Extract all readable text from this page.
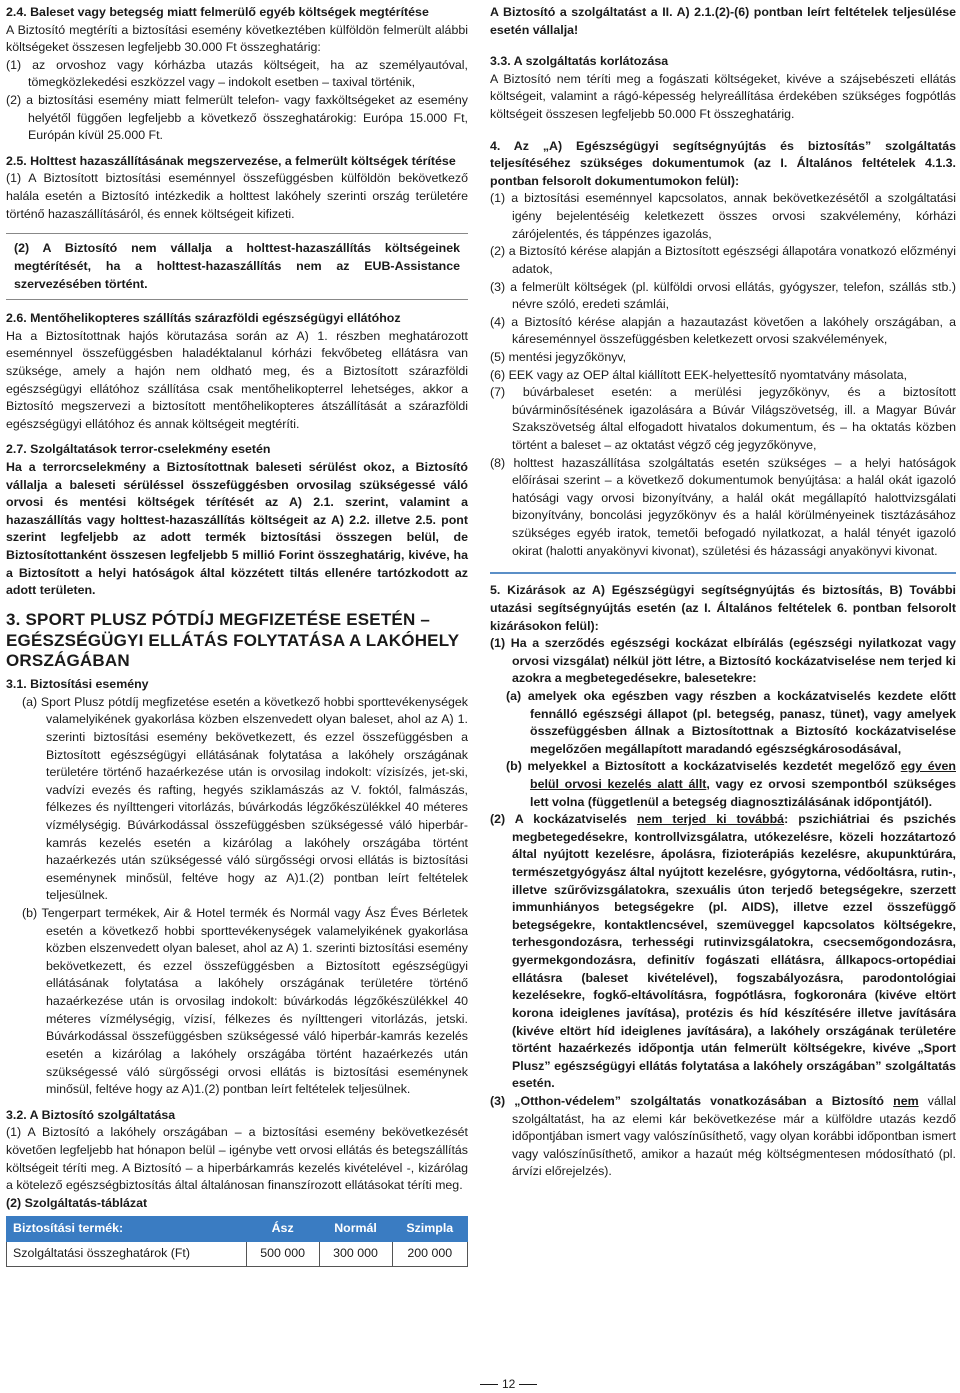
2.4. Baleset vagy betegség miatt felmerülő egyéb költségek megtérítése

A Biztosító megtéríti a biztosítási esemény következtében külföldön felmerült alábbi költségeket összesen legfeljebb 30.000 Ft összeghatárig:

(1) az orvoshoz vagy kórházba utazás költségeit, ha az személyautóval, tömegközlekedési eszközzel vagy – indokolt esetben – taxival történik,

(2) a biztosítási esemény miatt felmerült telefon- vagy faxköltségeket az esemény helyétől függően legfeljebb a következő összeghatárokig: Európa 15.000 Ft, Európán kívül 25.000 Ft.

2.5. Holttest hazaszállításának megszervezése, a felmerült költségek térítése

(1) A Biztosított biztosítási eseménnyel összefüggésben külföldön bekövetkező halála esetén a Biztosító intézkedik a holttest lakóhely szerinti ország területére történő hazaszállításáról, és ennek költségeit kifizeti.

(2) A Biztosító nem vállalja a holttest-hazaszállítás költségeinek megtérítését, ha a holttest-hazaszállítás nem az EUB-Assistance szervezésében történt.

2.6. Mentőhelikopteres szállítás szárazföldi egészségügyi ellátóhoz

Ha a Biztosítottnak hajós körutazása során az A) 1. részben meghatározott eseménnyel összefüggésben haladéktalanul kórházi fekvőbeteg ellátásra van szüksége, amely a hajón nem oldható meg, és a Biztosított szárazföldi egészségügyi ellátóhoz szállítása csak mentőhelikopterrel lehetséges, akkor a Biztosító megszervezi a biztosított mentőhelikopteres átszállítását a szárazföldi egészségügyi ellátóhoz és annak költségeit megtéríti.

2.7. Szolgáltatások terror-cselekmény esetén

Ha a terrorcselekmény a Biztosítottnak baleseti sérülést okoz, a Biztosító vállalja a baleseti sérüléssel összefüggésben orvosilag szükségessé váló orvosi és mentési költségek térítését az A) 2.1. szerint, valamint a hazaszállítás vagy holttest-hazaszállítás költségeit az A) 2.2. illetve 2.5. pont szerint legfeljebb az adott termék biztosítási összegen belül, de Biztosítottanként összesen legfeljebb 5 millió Forint összeghatárig, kivéve, ha a Biztosított a helyi hatóságok által közzétett tiltás ellenére tartózkodott az adott területen.

3. SPORT PLUSZ PÓTDÍJ MEGFIZETÉSE ESETÉN – EGÉSZSÉGÜGYI ELLÁTÁS FOLYTATÁSA A LAKÓHELY ORSZÁGÁBAN

3.1. Biztosítási esemény

(a) Sport Plusz pótdíj megfizetése esetén a következő hobbi sporttevékenységek valamelyikének gyakorlása közben elszenvedett olyan baleset, ahol az A) 1. szerinti biztosítási esemény bekövetkezett, és ezzel összefüggésben a Biztosított egészségügyi ellátásának folytatása a lakóhely országának területére történő hazaérkezése után is orvosilag indokolt: vízisízés, jet-ski, vadvízi evezés és rafting, hegyés sziklamászás az V. foktól, falmászás, félkezes és nyílttengeri vitorlázás, búvárkodás légzőkészülékkel 40 méteres vízmélységig. Búvárkodással összefüggésben szükségessé váló hiperbár-kamrás kezelés esetén a kizárólag a lakóhely országába történt hazaérkezés után szükségessé váló sürgősségi orvosi ellátás is biztosítási eseménynek minősül, feltéve hogy az A)1.(2) pontban leírt feltételek teljesülnek.

(b) Tengerpart termékek, Air & Hotel termék és Normál vagy Ász Éves Bérletek esetén a következő hobbi sporttevékenységek valamelyikének gyakorlása közben elszenvedett olyan baleset, ahol az A) 1. szerinti biztosítási esemény bekövetkezett, és ezzel összefüggésben a Biztosított egészségügyi ellátásának folytatása a lakóhely országának területére történő hazaérkezése után is orvosilag indokolt: búvárkodás légzőkészülékkel 40 méteres vízmélységig, vízisí, félkezes és nyílttengeri vitorlázás, jetski. Búvárkodással összefüggésben szükségessé váló hiperbár-kamrás kezelés esetén a kizárólag a lakóhely országába történt hazaérkezés után szükségessé váló sürgősségi orvosi ellátás is biztosítási eseménynek minősül, feltéve hogy az A)1.(2) pontban leírt feltételek teljesülnek.

3.2. A Biztosító szolgáltatása

(1) A Biztosító a lakóhely országában – a biztosítási esemény bekövetkezését követően legfeljebb hat hónapon belül – igénybe vett orvosi ellátás és betegszállítás költségeit téríti meg. A Biztosító – a hiperbárkamrás kezelés kivételével -, kizárólag a kötelező egészségbiztosítás által általánosan finanszírozott ellátásokat téríti meg.

(2) Szolgáltatás-táblázat

Biztosítási termék:	Ász	Normál	Szimpla
Szolgáltatási összeghatárok (Ft)	500 000	300 000	200 000

A Biztosító a szolgáltatást a II. A) 2.1.(2)-(6) pontban leírt feltételek teljesülése esetén vállalja!

3.3. A szolgáltatás korlátozása

A Biztosító nem téríti meg a fogászati költségeket, kivéve a szájsebészeti ellátás költségeit, valamint a rágó-képesség helyreállítása érdekében szükséges fogpótlás költségeit összesen legfeljebb 50.000 Ft összeghatárig.

4. Az „A) Egészségügyi segítségnyújtás és biztosítás” szolgáltatás teljesítéséhez szükséges dokumentumok (az I. Általános feltételek 4.1.3. pontban felsorolt dokumentumokon felül):

(1) a biztosítási eseménnyel kapcsolatos, annak bekövetkezésétől a szolgáltatási igény bejelentéséig keletkezett összes orvosi szakvélemény, kórházi zárójelentés, és táppénzes igazolás,

(2) a Biztosító kérése alapján a Biztosított egészségi állapotára vonatkozó előzményi adatok,

(3) a felmerült költségek (pl. külföldi orvosi ellátás, gyógyszer, telefon, szállás stb.) névre szóló, eredeti számlái,

(4) a Biztosító kérése alapján a hazautazást követően a lakóhely országában, a káreseménnyel összefüggésben keletkezett orvosi szakvélemények,

(5) mentési jegyzőkönyv,

(6) EEK vagy az OEP által kiállított EEK-helyettesítő nyomtatvány másolata,

(7) búvárbaleset esetén: a merülési jegyzőkönyv, és a biztosított búvárminősítésének igazolására a Búvár Világszövetség, ill. a Magyar Búvár Szakszövetség által elfogadott hivatalos dokumentum, és – ha oktatás közben történt a baleset – az oktatást végző cég jegyzőkönyve,

(8) holttest hazaszállítása szolgáltatás esetén szükséges – a helyi hatóságok előírásai szerint – a következő dokumentumok benyújtása: a halál okát igazoló hatósági vagy orvosi bizonyítvány, a halál okát megállapító halottvizsgálati bizonyítvány, boncolási jegyzőkönyv és a halál körülményeinek tisztázásához szükséges egyéb iratok, temetői befogadó nyilatkozat, a halál tényét igazoló okirat (halotti anyakönyvi kivonat), születési és házassági anyakönyvi kivonat.

5. Kizárások az A) Egészségügyi segítségnyújtás és biztosítás, B) További utazási segítségnyújtás esetén (az I. Általános feltételek 6. pontban felsorolt kizárásokon felül):

(1) Ha a szerződés egészségi kockázat elbírálás (egészségi nyilatkozat vagy orvosi vizsgálat) nélkül jött létre, a Biztosító kockázatviselése nem terjed ki azokra a megbetegedésekre, balesetekre:

(a) amelyek oka egészben vagy részben a kockázatviselés kezdete előtt fennálló egészségi állapot (pl. betegség, panasz, tünet), vagy amelyek összefüggésben állnak a Biztosítottnak a Biztosító kockázatviselése megelőzően megállapított maradandó egészségkárosodásával,

(b) melyekkel a Biztosított a kockázatviselés kezdetét megelőző egy éven belül orvosi kezelés alatt állt, vagy ez orvosi szempontból szükséges lett volna (függetlenül a betegség diagnosztizálásának időpontjától).

(2) A kockázatviselés nem terjed ki továbbá: pszichiátriai és pszichés megbetegedésekre, kontrollvizsgálatra, utókezelésre, közeli hozzátartozó által nyújtott kezelésre, ápolásra, fizioterápiás kezelésre, akupunktúrára, természetgyógyász által nyújtott kezelésre, gyógytorna, védőoltásra, rutin-, illetve szűrővizsgálatokra, szexuális úton terjedő betegségekre, szerzett immunhiányos betegségekre (pl. AIDS), illetve ezzel összefüggő betegségekre, kontaktlencsével, szemüveggel kapcsolatos költségekre, terhesgondozásra, terhességi rutinvizsgálatokra, csecsemőgondozásra, gyermekgondozásra, definitív fogászati ellátásra, állkapocs-ortopédiai ellátásra (baleset kivételével), fogszabályozásra, parodontológiai kezelésekre, fogkő-eltávolításra, fogpótlásra, fogkoronára (kivéve eltört korona ideiglenes javítása), protézis és híd készítésére illetve javítására (kivéve eltört híd ideiglenes javítására), a lakóhely országának területére történt hazaérkezés időpontja után felmerült költségekre, kivéve „Sport Plusz” egészségügyi ellátás folytatása a lakóhely országában” szolgáltatás esetén.

(3) „Otthon-védelem” szolgáltatás vonatkozásában a Biztosító nem vállal szolgáltatást, ha az elemi kár bekövetkezése már a külföldre utazás kezdő időpontjában ismert vagy valószínűsíthető, vagy olyan korábbi időpontban ismert vagy valószínűsíthető, amikor a hazaút még költségmentesen módosítható (pl. árvízi előrejelzés).

12
